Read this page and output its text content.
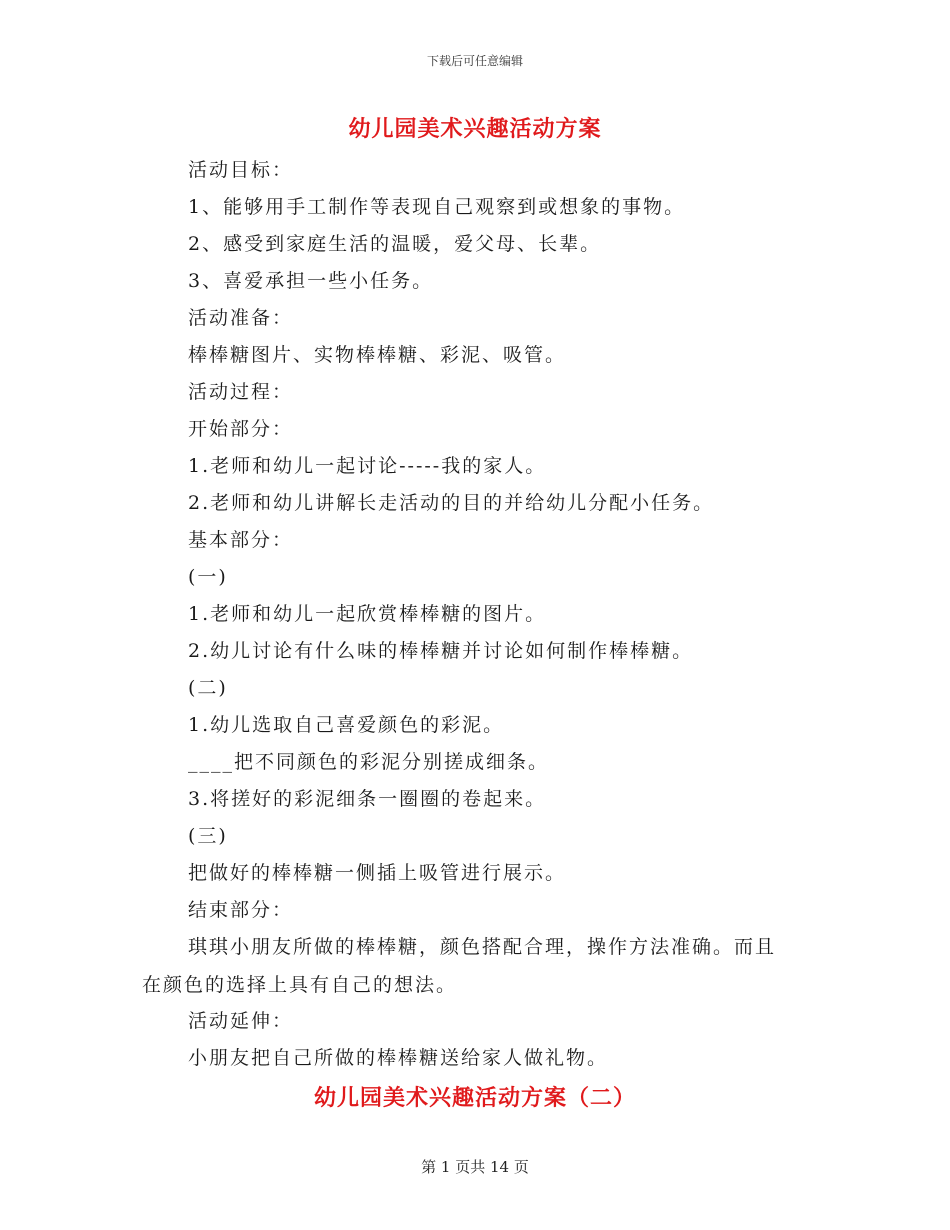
下载后可任意编辑
幼儿园美术兴趣活动方案
活动目标：
1、能够用手工制作等表现自己观察到或想象的事物。
2、感受到家庭生活的温暖，爱父母、长辈。
3、喜爱承担一些小任务。
活动准备：
棒棒糖图片、实物棒棒糖、彩泥、吸管。
活动过程：
开始部分：
1.老师和幼儿一起讨论-----我的家人。
2.老师和幼儿讲解长走活动的目的并给幼儿分配小任务。
基本部分：
(一)
1.老师和幼儿一起欣赏棒棒糖的图片。
2.幼儿讨论有什么味的棒棒糖并讨论如何制作棒棒糖。
(二)
1.幼儿选取自己喜爱颜色的彩泥。
____把不同颜色的彩泥分别搓成细条。
3.将搓好的彩泥细条一圈圈的卷起来。
(三)
把做好的棒棒糖一侧插上吸管进行展示。
结束部分：
琪琪小朋友所做的棒棒糖，颜色搭配合理，操作方法准确。而且
在颜色的选择上具有自己的想法。
活动延伸：
小朋友把自己所做的棒棒糖送给家人做礼物。
幼儿园美术兴趣活动方案（二）
第 1 页共 14 页
